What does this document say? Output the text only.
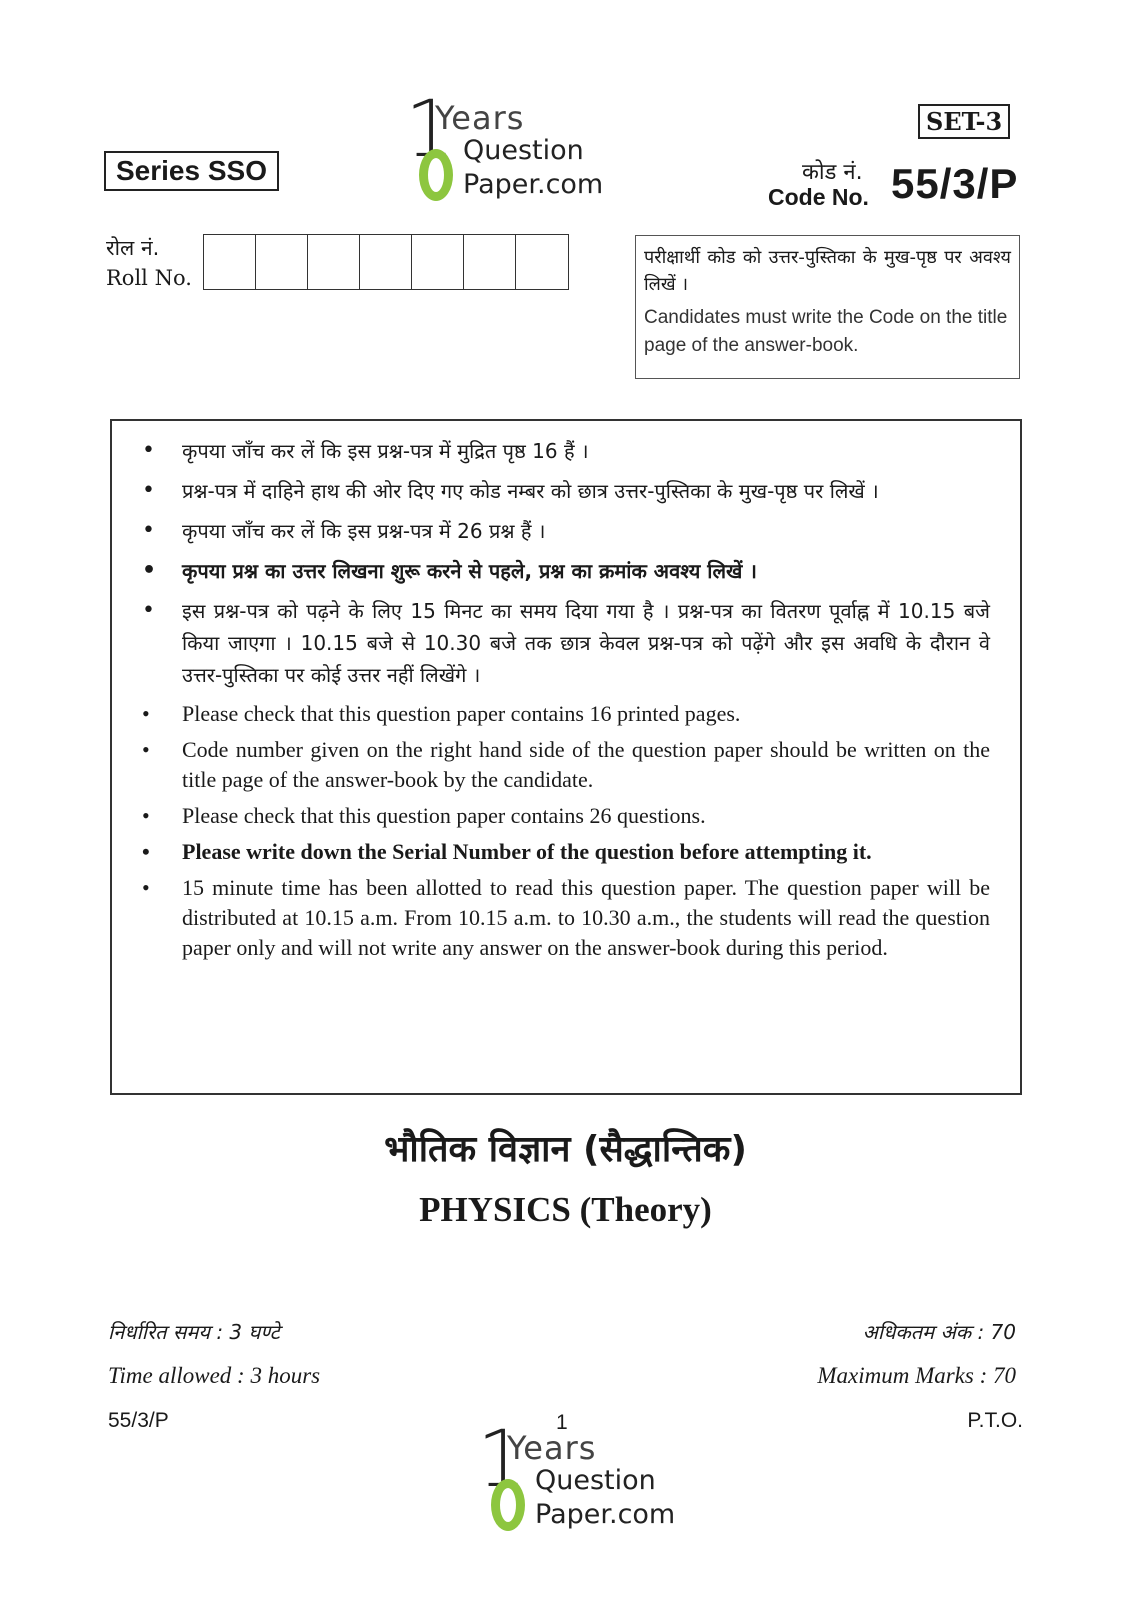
1
Years
Question
Paper.com
Series SSO
SET-3
कोड नं.
Code No. 55/3/P
रोल नं.
Roll No.
परीक्षार्थी कोड को उत्तर-पुस्तिका के मुख-पृष्ठ पर अवश्य लिखें ।
Candidates must write the Code on the title page of the answer-book.
• कृपया जाँच कर लें कि इस प्रश्न-पत्र में मुद्रित पृष्ठ 16 हैं ।
• प्रश्न-पत्र में दाहिने हाथ की ओर दिए गए कोड नम्बर को छात्र उत्तर-पुस्तिका के मुख-पृष्ठ पर लिखें ।
• कृपया जाँच कर लें कि इस प्रश्न-पत्र में 26 प्रश्न हैं ।
• कृपया प्रश्न का उत्तर लिखना शुरू करने से पहले, प्रश्न का क्रमांक अवश्य लिखें ।
• इस प्रश्न-पत्र को पढ़ने के लिए 15 मिनट का समय दिया गया है । प्रश्न-पत्र का वितरण पूर्वाह्न में 10.15 बजे किया जाएगा । 10.15 बजे से 10.30 बजे तक छात्र केवल प्रश्न-पत्र को पढ़ेंगे और इस अवधि के दौरान वे उत्तर-पुस्तिका पर कोई उत्तर नहीं लिखेंगे ।
• Please check that this question paper contains 16 printed pages.
• Code number given on the right hand side of the question paper should be written on the title page of the answer-book by the candidate.
• Please check that this question paper contains 26 questions.
• Please write down the Serial Number of the question before attempting it.
• 15 minute time has been allotted to read this question paper. The question paper will be distributed at 10.15 a.m. From 10.15 a.m. to 10.30 a.m., the students will read the question paper only and will not write any answer on the answer-book during this period.
भौतिक विज्ञान (सैद्धान्तिक)
PHYSICS (Theory)
निर्धारित समय : 3 घण्टे
Time allowed : 3 hours
अधिकतम अंक : 70
Maximum Marks : 70
55/3/P	1	P.T.O.
1
Years
Question
Paper.com
